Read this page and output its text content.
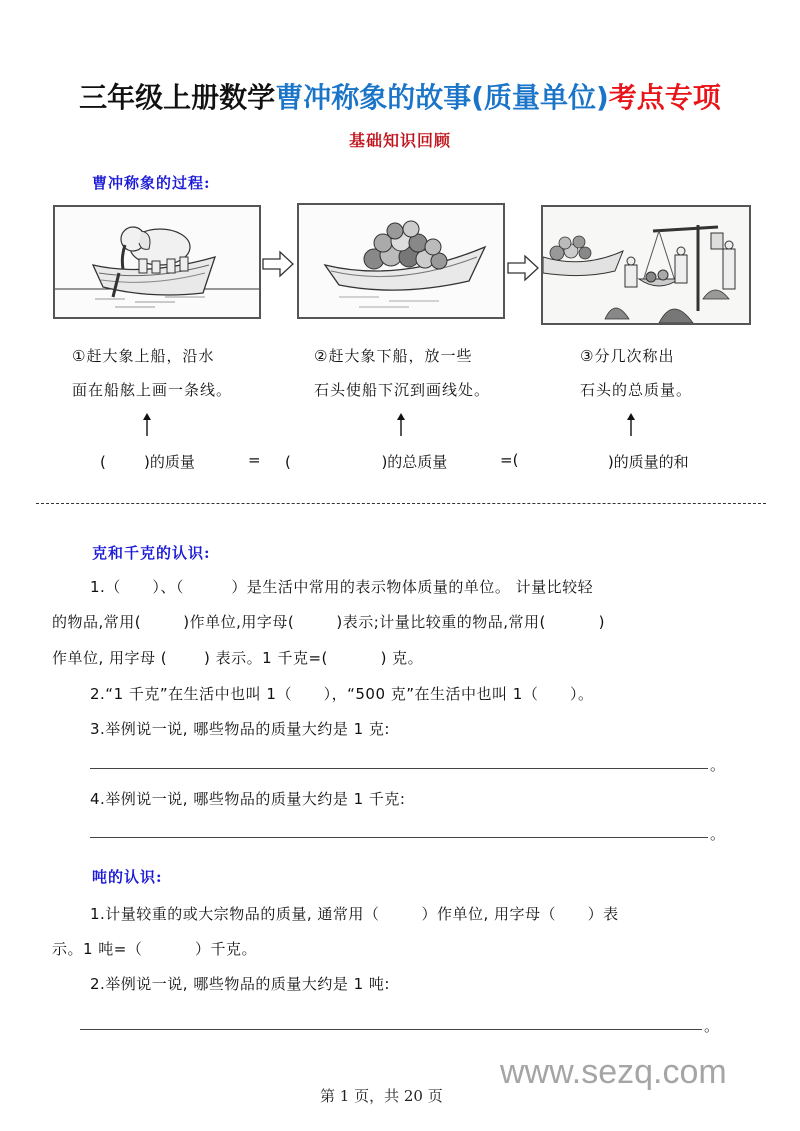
三年级上册数学曹冲称象的故事(质量单位)考点专项
基础知识回顾
曹冲称象的过程:
①赶大象上船，沿水
面在船舷上画一条线。
②赶大象下船，放一些
石头使船下沉到画线处。
③分几次称出
石头的总质量。
(        )的质量	= (                   )的总质量	=( )的质量的和
克和千克的认识:
1.（      ）、（         ）是生活中常用的表示物体质量的单位。 计量比较轻
的物品,常用(        )作单位,用字母(        )表示;计量比较重的物品,常用(          )
作单位, 用字母 (       ) 表示。1 千克=(          ) 克。
2.“1 千克”在生活中也叫 1（      ），“500 克”在生活中也叫 1（      ）。
3.举例说一说, 哪些物品的质量大约是 1 克:
。
4.举例说一说, 哪些物品的质量大约是 1 千克:
。
吨的认识:
1.计量较重的或大宗物品的质量, 通常用（        ）作单位, 用字母（      ）表
示。1 吨=（          ）千克。
2.举例说一说, 哪些物品的质量大约是 1 吨:
。
第 1 页，共 20 页
www.sezq.com
